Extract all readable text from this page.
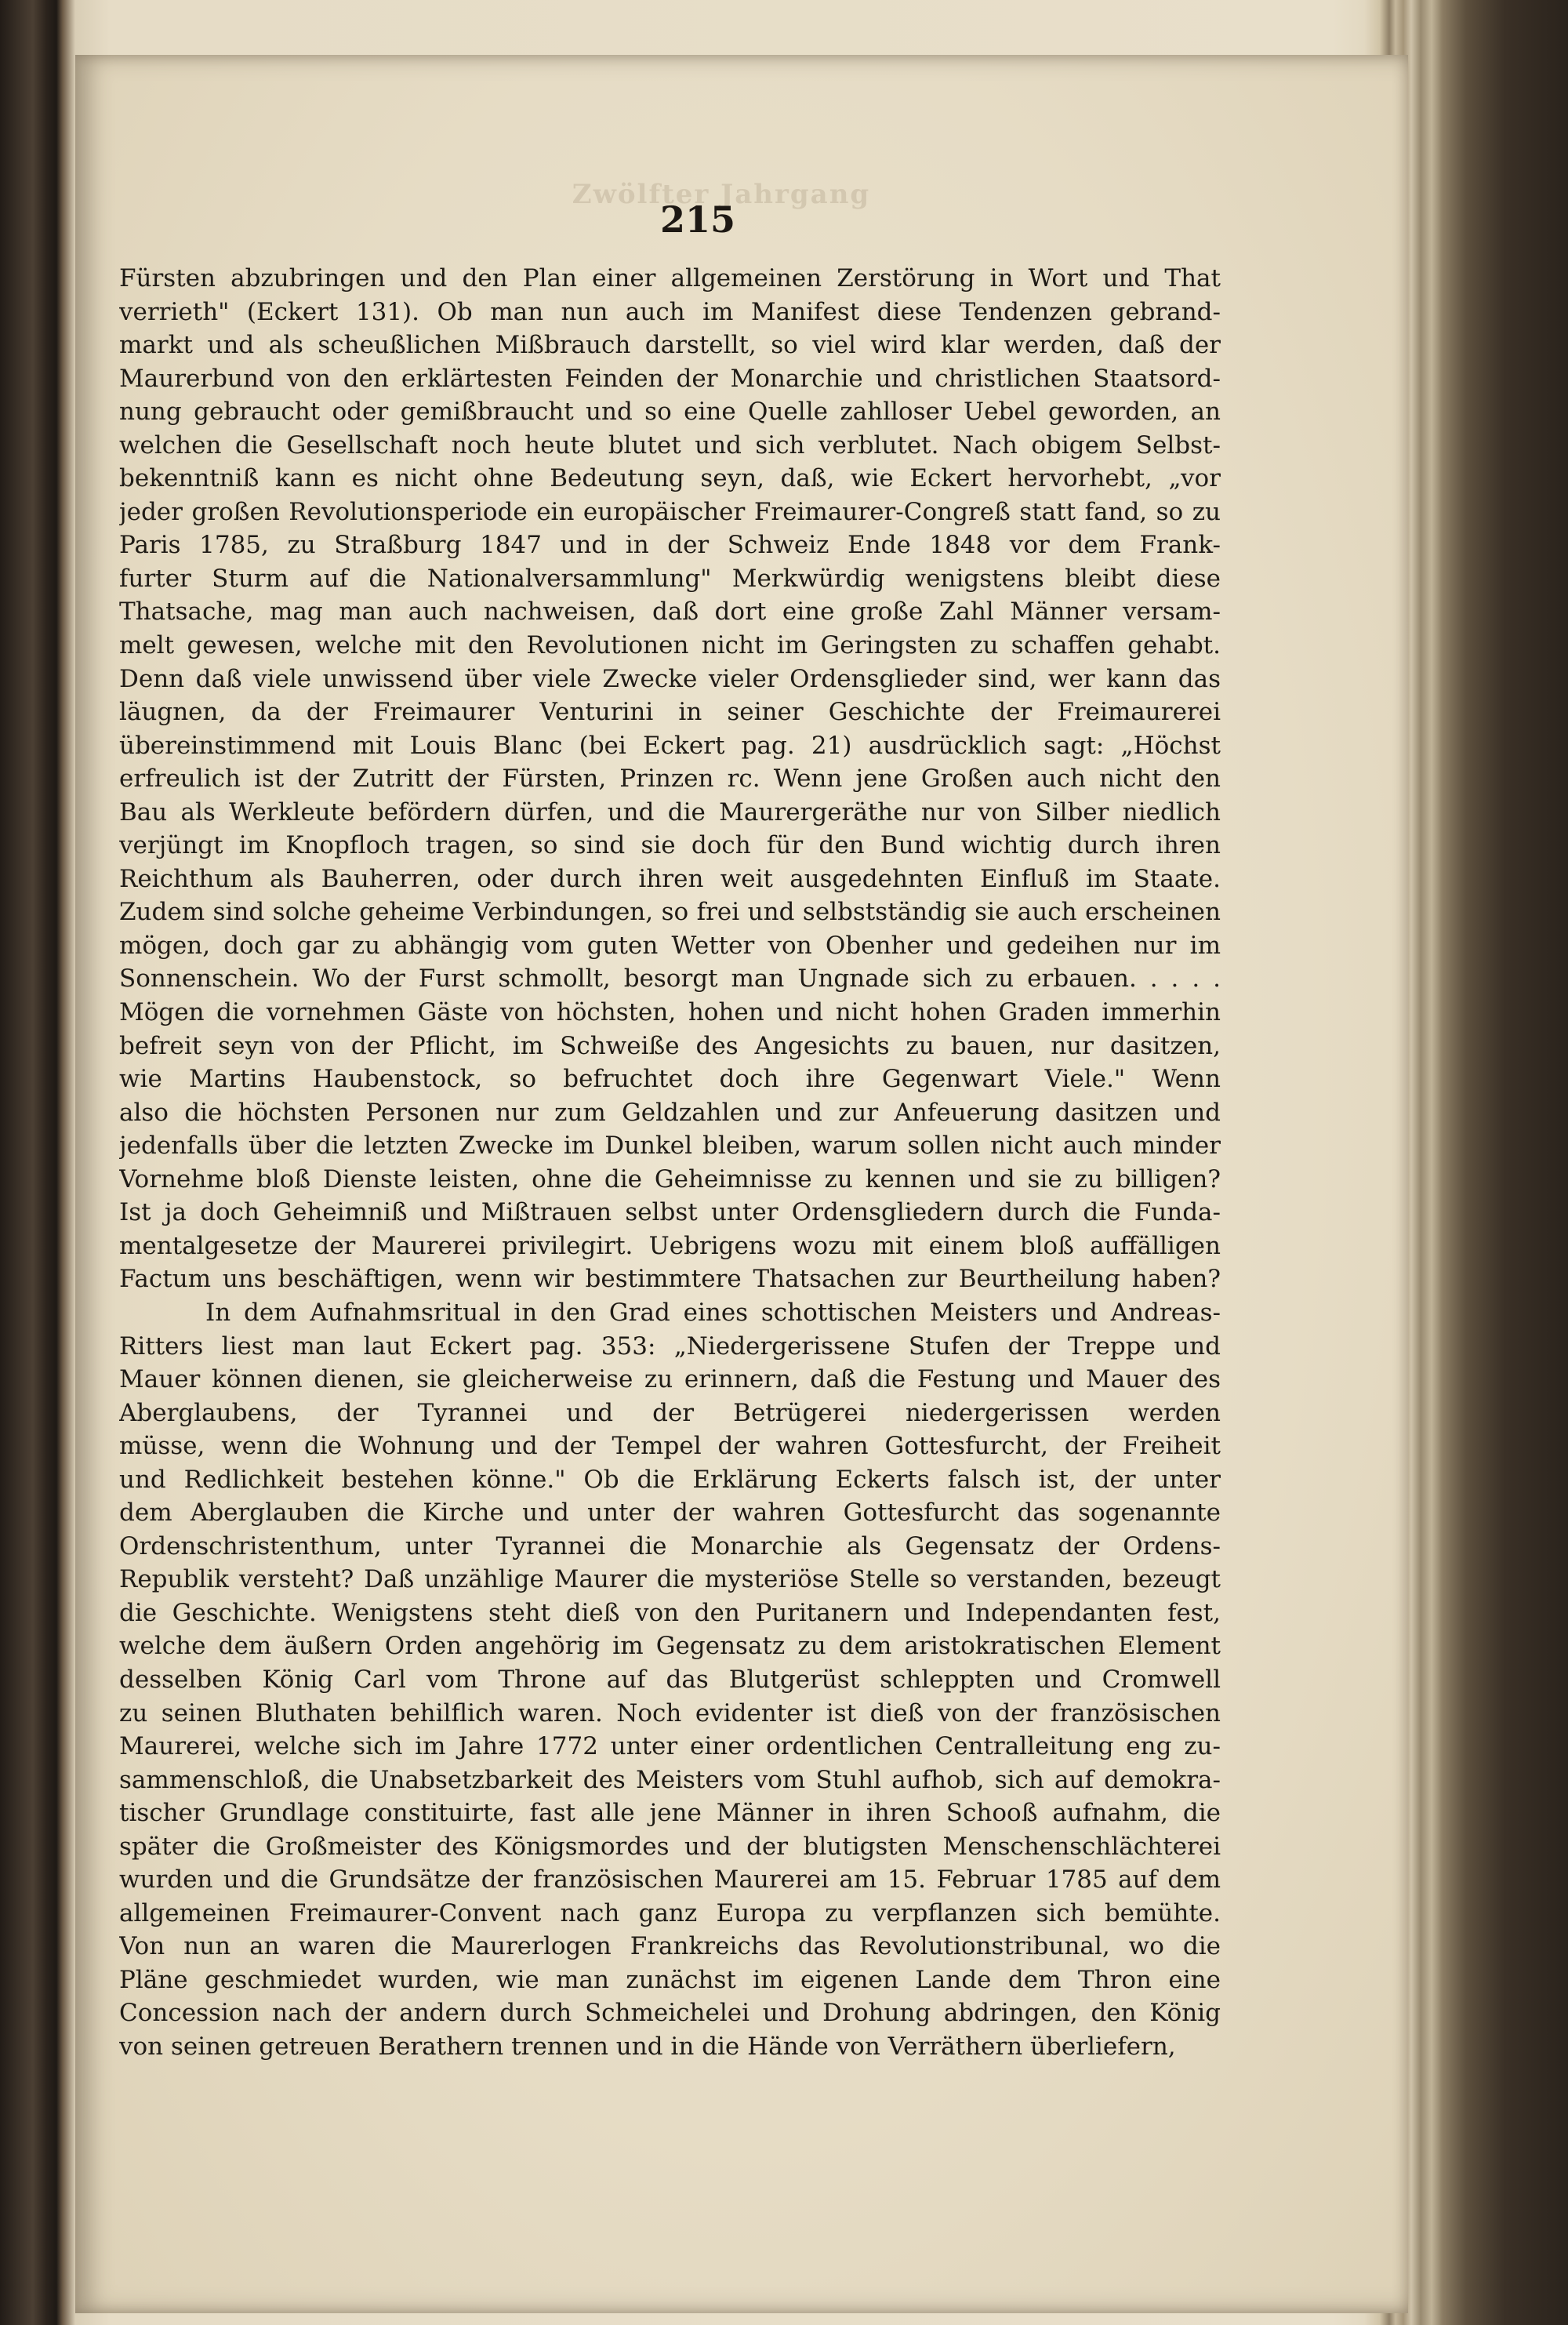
Zwölfter Jahrgang
215
Fürsten abzubringen und den Plan einer allgemeinen Zerstörung in Wort und That
verrieth" (Eckert 131). Ob man nun auch im Manifest diese Tendenzen gebrand-
markt und als scheußlichen Mißbrauch darstellt, so viel wird klar werden, daß der
Maurerbund von den erklärtesten Feinden der Monarchie und christlichen Staatsord-
nung gebraucht oder gemißbraucht und so eine Quelle zahlloser Uebel geworden, an
welchen die Gesellschaft noch heute blutet und sich verblutet. Nach obigem Selbst-
bekenntniß kann es nicht ohne Bedeutung seyn, daß, wie Eckert hervorhebt, „vor
jeder großen Revolutionsperiode ein europäischer Freimaurer-Congreß statt fand, so zu
Paris 1785, zu Straßburg 1847 und in der Schweiz Ende 1848 vor dem Frank-
furter Sturm auf die Nationalversammlung" Merkwürdig wenigstens bleibt diese
Thatsache, mag man auch nachweisen, daß dort eine große Zahl Männer versam-
melt gewesen, welche mit den Revolutionen nicht im Geringsten zu schaffen gehabt.
Denn daß viele unwissend über viele Zwecke vieler Ordensglieder sind, wer kann das
läugnen, da der Freimaurer Venturini in seiner Geschichte der Freimaurerei
übereinstimmend mit Louis Blanc (bei Eckert pag. 21) ausdrücklich sagt: „Höchst
erfreulich ist der Zutritt der Fürsten, Prinzen rc. Wenn jene Großen auch nicht den
Bau als Werkleute befördern dürfen, und die Maurergeräthe nur von Silber niedlich
verjüngt im Knopfloch tragen, so sind sie doch für den Bund wichtig durch ihren
Reichthum als Bauherren, oder durch ihren weit ausgedehnten Einfluß im Staate.
Zudem sind solche geheime Verbindungen, so frei und selbstständig sie auch erscheinen
mögen, doch gar zu abhängig vom guten Wetter von Obenher und gedeihen nur im
Sonnenschein. Wo der Furst schmollt, besorgt man Ungnade sich zu erbauen. . . . .
Mögen die vornehmen Gäste von höchsten, hohen und nicht hohen Graden immerhin
befreit seyn von der Pflicht, im Schweiße des Angesichts zu bauen, nur dasitzen,
wie Martins Haubenstock, so befruchtet doch ihre Gegenwart Viele." Wenn
also die höchsten Personen nur zum Geldzahlen und zur Anfeuerung dasitzen und
jedenfalls über die letzten Zwecke im Dunkel bleiben, warum sollen nicht auch minder
Vornehme bloß Dienste leisten, ohne die Geheimnisse zu kennen und sie zu billigen?
Ist ja doch Geheimniß und Mißtrauen selbst unter Ordensgliedern durch die Funda-
mentalgesetze der Maurerei privilegirt. Uebrigens wozu mit einem bloß auffälligen
Factum uns beschäftigen, wenn wir bestimmtere Thatsachen zur Beurtheilung haben?
In dem Aufnahmsritual in den Grad eines schottischen Meisters und Andreas-
Ritters liest man laut Eckert pag. 353: „Niedergerissene Stufen der Treppe und
Mauer können dienen, sie gleicherweise zu erinnern, daß die Festung und Mauer des
Aberglaubens, der Tyrannei und der Betrügerei niedergerissen werden
müsse, wenn die Wohnung und der Tempel der wahren Gottesfurcht, der Freiheit
und Redlichkeit bestehen könne." Ob die Erklärung Eckerts falsch ist, der unter
dem Aberglauben die Kirche und unter der wahren Gottesfurcht das sogenannte
Ordenschristenthum, unter Tyrannei die Monarchie als Gegensatz der Ordens-
Republik versteht? Daß unzählige Maurer die mysteriöse Stelle so verstanden, bezeugt
die Geschichte. Wenigstens steht dieß von den Puritanern und Independanten fest,
welche dem äußern Orden angehörig im Gegensatz zu dem aristokratischen Element
desselben König Carl vom Throne auf das Blutgerüst schleppten und Cromwell
zu seinen Bluthaten behilflich waren. Noch evidenter ist dieß von der französischen
Maurerei, welche sich im Jahre 1772 unter einer ordentlichen Centralleitung eng zu-
sammenschloß, die Unabsetzbarkeit des Meisters vom Stuhl aufhob, sich auf demokra-
tischer Grundlage constituirte, fast alle jene Männer in ihren Schooß aufnahm, die
später die Großmeister des Königsmordes und der blutigsten Menschenschlächterei
wurden und die Grundsätze der französischen Maurerei am 15. Februar 1785 auf dem
allgemeinen Freimaurer-Convent nach ganz Europa zu verpflanzen sich bemühte.
Von nun an waren die Maurerlogen Frankreichs das Revolutionstribunal, wo die
Pläne geschmiedet wurden, wie man zunächst im eigenen Lande dem Thron eine
Concession nach der andern durch Schmeichelei und Drohung abdringen, den König
von seinen getreuen Berathern trennen und in die Hände von Verräthern überliefern,
